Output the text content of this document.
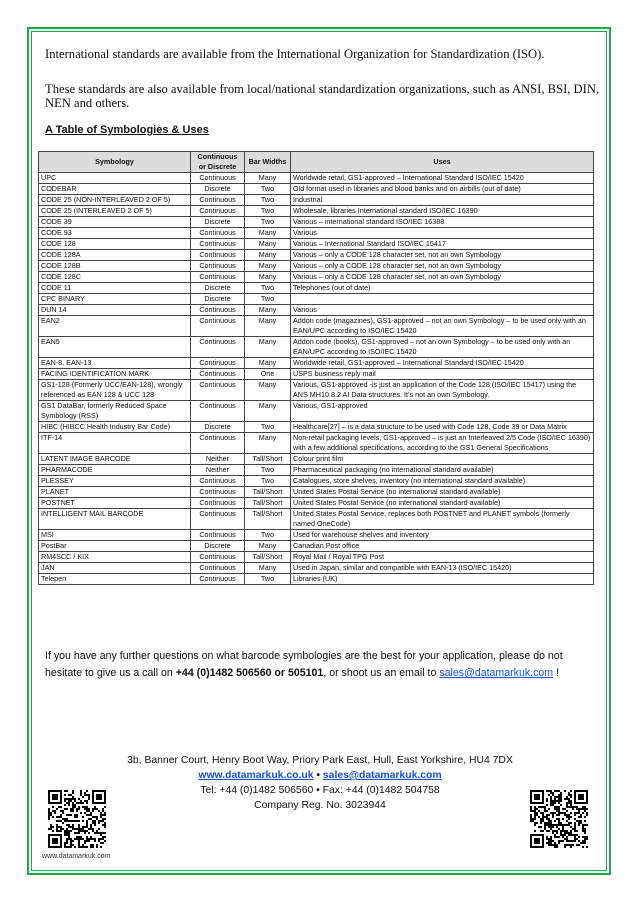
International standards are available from the International Organization for Standardization (ISO).

These standards are also available from local/national standardization organizations, such as ANSI, BSI, DIN, NEN and others.

A Table of Symbologies & Uses
Symbology	Continuous or Discrete	Bar Widths	Uses
UPC	Continuous	Many	Worldwide retail, GS1-approved – International Standard ISO/IEC 15420
CODEBAR	Discrete	Two	Old format used in libraries and blood banks and on airbills (out of date)
CODE 25 (NON-INTERLEAVED 2 OF 5)	Continuous	Two	Industrial
CODE 25 (INTERLEAVED 2 OF 5)	Continuous	Two	Wholesale, libraries International standard ISO/IEC 16390
CODE 39	Discrete	Two	Various – international standard ISO/IEC 16388
CODE 93	Continuous	Many	Various
CODE 128	Continuous	Many	Various – International Standard ISO/IEC 15417
CODE 128A	Continuous	Many	Various – only a CODE 128 character set, not an own Symbology
CODE 128B	Continuous	Many	Various – only a CODE 128 character set, not an own Symbology
CODE 128C	Continuous	Many	Various – only a CODE 128 character set, not an own Symbology
CODE 11	Discrete	Two	Telephones (out of date)
CPC BINARY	Discrete	Two	
DUN 14	Continuous	Many	Various
EAN2	Continuous	Many	Addon code (magazines), GS1-approved – not an own Symbology – to be used only with an EAN/UPC according to ISO/IEC 15420
EAN5	Continuous	Many	Addon code (books), GS1-approved – not an own Symbology – to be used only with an EAN/UPC according to ISO/IEC 15420
EAN-8, EAN-13	Continuous	Many	Worldwide retail, GS1-approved – International Standard ISO/IEC 15420
FACING IDENTIFICATION MARK	Continuous	One	USPS business reply mail
GS1-128 (Formerly UCC/EAN-128), wrongly referenced as EAN 128 & UCC 128	Continuous	Many	Various, GS1-approved -is just an application of the Code 128 (ISO/IEC 15417) using the ANS MH10.8.2 AI Data structures. It’s not an own Symbology.
GS1 DataBar, formerly Reduced Space Symbology (RSS)	Continuous	Many	Various, GS1-approved
HIBC (HIBCC Health Industry Bar Code)	Discrete	Two	Healthcare[27] – is a data structure to be used with Code 128, Code 39 or Data Matrix
ITF-14	Continuous	Many	Non-retail packaging levels, GS1-approved – is just an Interleaved 2/5 Code (ISO/IEC 16390) with a few additional specifications, according to the GS1 General Specifications
LATENT IMAGE BARCODE	Neither	Tall/Short	Colour print film
PHARMACODE	Neither	Two	Pharmaceutical packaging (no international standard available)
PLESSEY	Continuous	Two	Catalogues, store shelves, inventory (no international standard available)
PLANET	Continuous	Tall/Short	United States Postal Service (no international standard available)
POSTNET	Continuous	Tall/Short	United States Postal Service (no international standard available)
INTELLIGENT MAIL BARCODE	Continuous	Tall/Short	United States Postal Service, replaces both POSTNET and PLANET symbols (formerly named OneCode)
MSI	Continuous	Two	Used for warehouse shelves and inventory
PostBar	Discrete	Many	Canadian Post office
RM4SCC / KIX	Continuous	Tall/Short	Royal Mail / Royal TPG Post
JAN	Continuous	Many	Used in Japan, similar and compatible with EAN-13 (ISO/IEC 15420)
Telepen	Continuous	Two	Libraries (UK)
If you have any further questions on what barcode symbologies are the best for your application, please do not hesitate to give us a call on +44 (0)1482 506560 or 505101, or shoot us an email to sales@datamarkuk.com !
3b, Banner Court, Henry Boot Way, Priory Park East, Hull, East Yorkshire, HU4 7DX
www.datamarkuk.co.uk • sales@datamarkuk.com
Tel: +44 (0)1482 506560 • Fax: +44 (0)1482 504758
Company Reg. No. 3023944
www.datamarkuk.com
